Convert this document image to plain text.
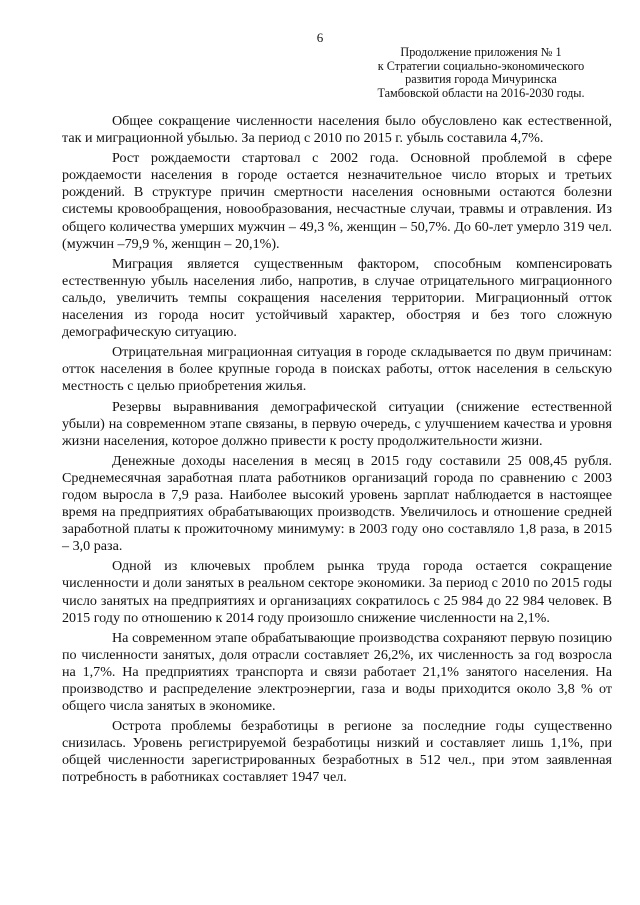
6
Продолжение приложения № 1
к Стратегии социально-экономического
развития города Мичуринска
Тамбовской области на 2016-2030 годы.

Общее сокращение численности населения было обусловлено как естественной, так и миграционной убылью. За период с 2010 по 2015 г. убыль составила 4,7%.

Рост рождаемости стартовал с 2002 года. Основной проблемой в сфере рождаемости населения в городе остается незначительное число вторых и третьих рождений. В структуре причин смертности населения основными остаются болезни системы кровообращения, новообразования, несчастные случаи, травмы и отравления. Из общего количества умерших мужчин – 49,3 %, женщин – 50,7%. До 60-лет умерло 319 чел. (мужчин –79,9 %, женщин – 20,1%).

Миграция является существенным фактором, способным компенсировать естественную убыль населения либо, напротив, в случае отрицательного миграционного сальдо, увеличить темпы сокращения населения территории. Миграционный отток населения из города носит устойчивый характер, обостряя и без того сложную демографическую ситуацию.

Отрицательная миграционная ситуация в городе складывается по двум причинам: отток населения в более крупные города в поисках работы, отток населения в сельскую местность с целью приобретения жилья.

Резервы выравнивания демографической ситуации (снижение естественной убыли) на современном этапе связаны, в первую очередь, с улучшением качества и уровня жизни населения, которое должно привести к росту продолжительности жизни.

Денежные доходы населения в месяц в 2015 году составили 25 008,45 рубля. Среднемесячная заработная плата работников организаций города по сравнению с 2003 годом выросла в 7,9 раза. Наиболее высокий уровень зарплат наблюдается в настоящее время на предприятиях обрабатывающих производств. Увеличилось и отношение средней заработной платы к прожиточному минимуму: в 2003 году оно составляло 1,8 раза, в 2015 – 3,0 раза.

Одной из ключевых проблем рынка труда города остается сокращение численности и доли занятых в реальном секторе экономики. За период с 2010 по 2015 годы число занятых на предприятиях и организациях сократилось с 25 984 до 22 984 человек. В 2015 году по отношению к 2014 году произошло снижение численности на 2,1%.

На современном этапе обрабатывающие производства сохраняют первую позицию по численности занятых, доля отрасли составляет 26,2%, их численность за год возросла на 1,7%. На предприятиях транспорта и связи работает 21,1% занятого населения. На производство и распределение электроэнергии, газа и воды приходится около 3,8 % от общего числа занятых в экономике.

Острота проблемы безработицы в регионе за последние годы существенно снизилась. Уровень регистрируемой безработицы низкий и составляет лишь 1,1%, при общей численности зарегистрированных безработных в 512 чел., при этом заявленная потребность в работниках составляет 1947 чел.
